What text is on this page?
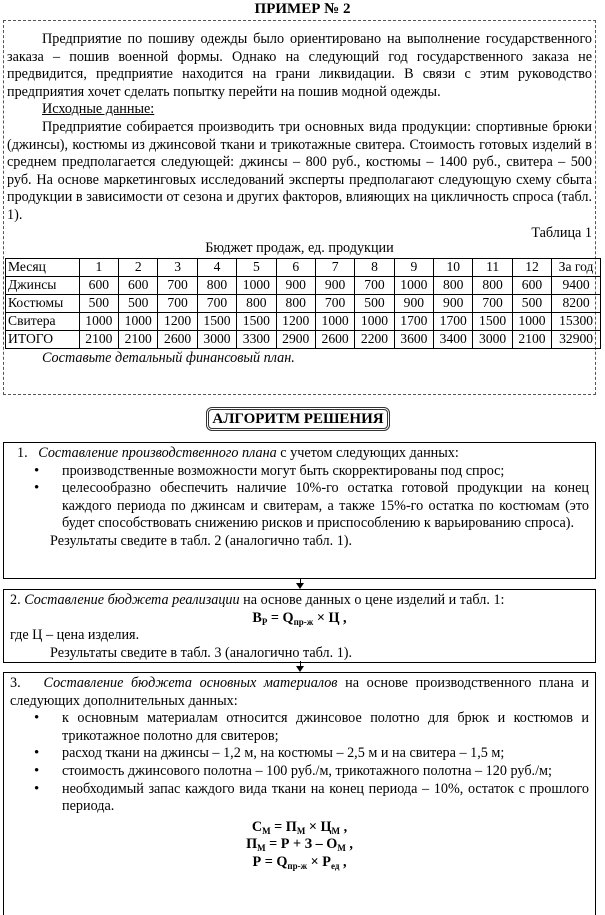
ПРИМЕР № 2

Предприятие по пошиву одежды было ориентировано на выполнение государственного заказа – пошив военной формы. Однако на следующий год государственного заказа не предвидится, предприятие находится на грани ликвидации. В связи с этим руководство предприятия хочет сделать попытку перейти на пошив модной одежды.

Исходные данные:

Предприятие собирается производить три основных вида продукции: спортивные брюки (джинсы), костюмы из джинсовой ткани и трикотажные свитера. Стоимость готовых изделий в среднем предполагается следующей: джинсы – 800 руб., костюмы – 1400 руб., свитера – 500 руб. На основе маркетинговых исследований эксперты предполагают следующую схему сбыта продукции в зависимости от сезона и других факторов, влияющих на цикличность спроса (табл. 1).

Таблица 1

Бюджет продаж, ед. продукции

Месяц	1	2	3	4	5	6	7	8	9	10	11	12	За год
Джинсы	600	600	700	800	1000	900	900	700	1000	800	800	600	9400
Костюмы	500	500	700	700	800	800	700	500	900	900	700	500	8200
Свитера	1000	1000	1200	1500	1500	1200	1000	1000	1700	1700	1500	1000	15300
ИТОГО	2100	2100	2600	3000	3300	2900	2600	2200	3600	3400	3000	2100	32900

Составьте детальный финансовый план.

АЛГОРИТМ РЕШЕНИЯ

1. Составление производственного плана с учетом следующих данных:

• производственные возможности могут быть скорректированы под спрос;
• целесообразно обеспечить наличие 10%-го остатка готовой продукции на конец каждого периода по джинсам и свитерам, а также 15%-го остатка по костюмам (это будет способствовать снижению рисков и приспособлению к варьированию спроса).

Результаты сведите в табл. 2 (аналогично табл. 1).

2. Составление бюджета реализации на основе данных о цене изделий и табл. 1:

$В_Р = Q_{пр-ж} \times Ц$ ,

где Ц – цена изделия.

Результаты сведите в табл. 3 (аналогично табл. 1).

3. Составление бюджета основных материалов на основе производственного плана и следующих дополнительных данных:

• к основным материалам относится джинсовое полотно для брюк и костюмов и трикотажное полотно для свитеров;
• расход ткани на джинсы – 1,2 м, на костюмы – 2,5 м и на свитера – 1,5 м;
• стоимость джинсового полотна – 100 руб./м, трикотажного полотна – 120 руб./м;
• необходимый запас каждого вида ткани на конец периода – 10%, остаток с прошлого периода.

$С_М = П_М \times Ц_М$ ,

$П_М = Р + З - О_М$ ,

$Р = Q_{пр-ж} \times Р_{ед}$ ,
